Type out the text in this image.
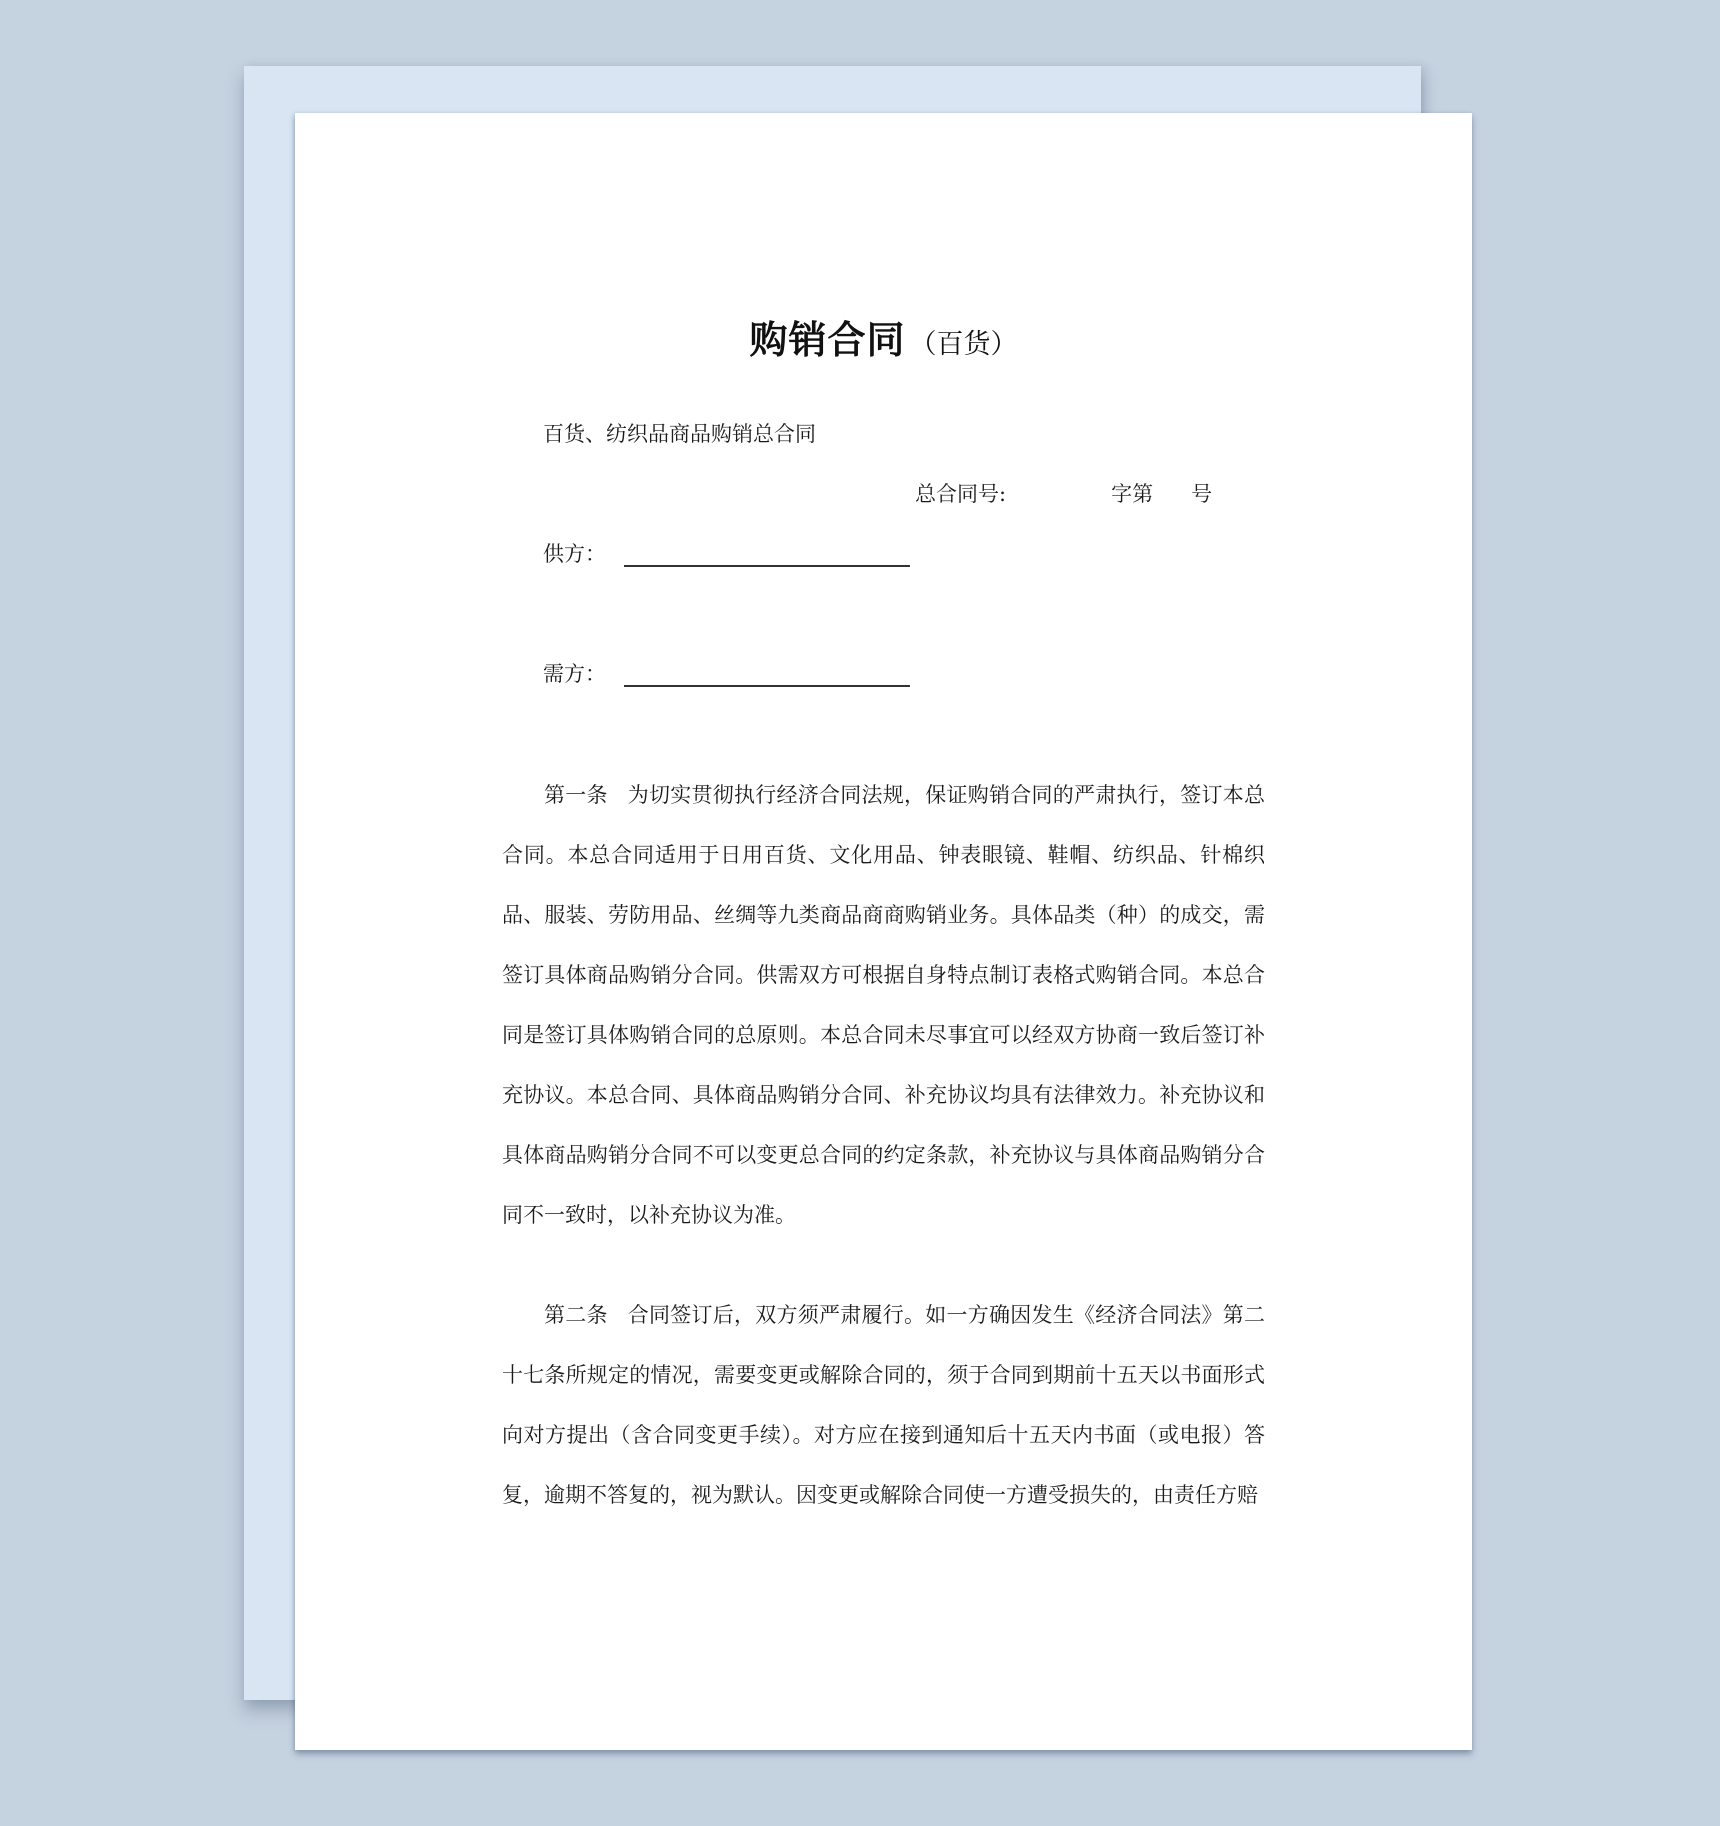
购销合同 （百货）
百货、纺织品商品购销总合同
总合同号:	字第 号
供方：
需方：
第一条 为切实贯彻执行经济合同法规，保证购销合同的严肃执行，签订本总合同。本总合同适用于日用百货、文化用品、钟表眼镜、鞋帽、纺织品、针棉织品、服装、劳防用品、丝绸等九类商品商商购销业务。具体品类（种）的成交，需签订具体商品购销分合同。供需双方可根据自身特点制订表格式购销合同。本总合同是签订具体购销合同的总原则。本总合同未尽事宜可以经双方协商一致后签订补充协议。本总合同、具体商品购销分合同、补充协议均具有法律效力。补充协议和具体商品购销分合同不可以变更总合同的约定条款，补充协议与具体商品购销分合同不一致时，以补充协议为准。
第二条 合同签订后，双方须严肃履行。如一方确因发生《经济合同法》第二十七条所规定的情况，需要变更或解除合同的，须于合同到期前十五天以书面形式向对方提出（含合同变更手续）。对方应在接到通知后十五天内书面（或电报）答复，逾期不答复的，视为默认。因变更或解除合同使一方遭受损失的，由责任方赔
